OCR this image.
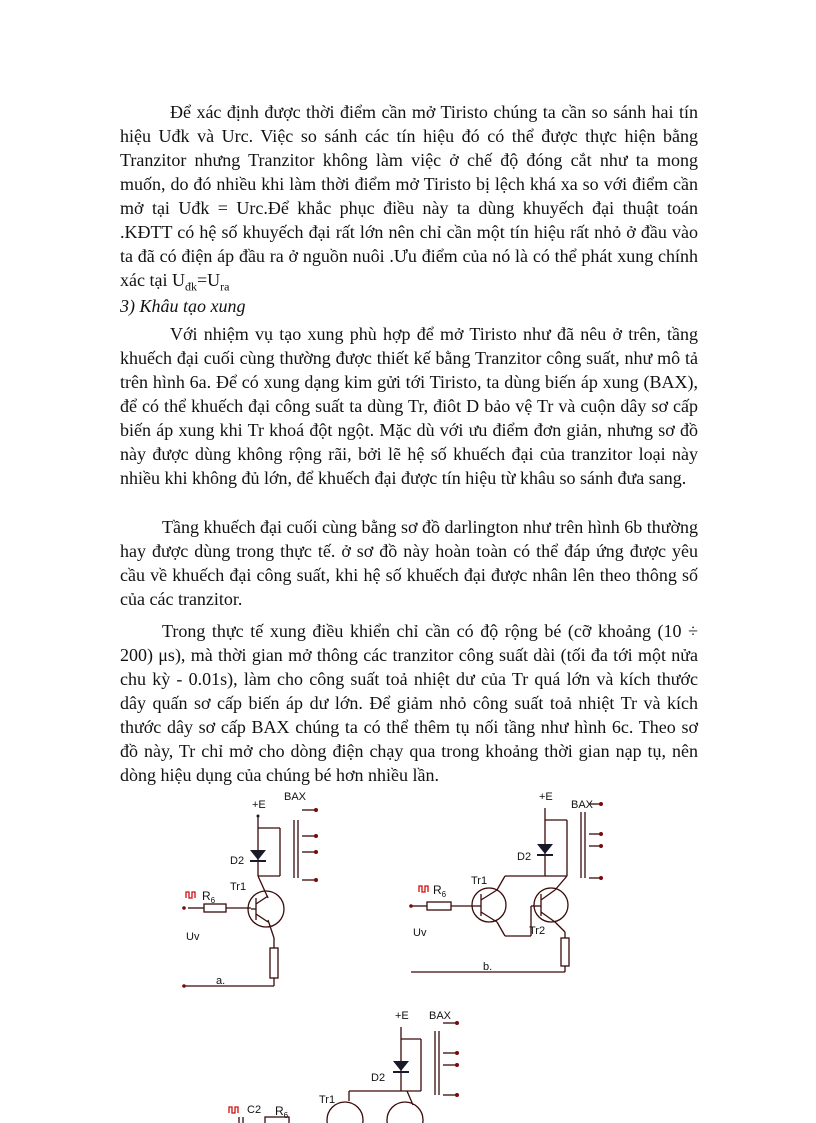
Để xác định được thời điểm cần mở Tiristo chúng ta cần so sánh hai tín hiệu Uđk và Urc. Việc so sánh các tín hiệu đó có thể được thực hiện bằng Tranzitor nhưng Tranzitor không làm việc ở chế độ đóng cắt như ta mong muốn, do đó nhiều khi làm thời điểm mở Tiristo bị lệch khá xa so với điểm cần mở tại Uđk = Urc.Để khắc phục điều này ta dùng khuyếch đại thuật toán .KĐTT có hệ số khuyếch đại rất lớn nên chỉ cần một tín hiệu rất nhỏ ở đầu vào ta đã có điện áp đầu ra ở nguồn nuôi .Ưu điểm của nó là có thể phát xung chính xác tại $U_{đk}=U_{ra}$

3) Khâu tạo xung

Với nhiệm vụ tạo xung phù hợp để mở Tiristo như đã nêu ở trên, tầng khuếch đại cuối cùng thường được thiết kế bằng Tranzitor công suất, như mô tả trên hình 6a. Để có xung dạng kim gửi tới Tiristo, ta dùng biến áp xung (BAX), để có thể khuếch đại công suất ta dùng Tr, điôt D bảo vệ Tr và cuộn dây sơ cấp biến áp xung khi Tr khoá đột ngột. Mặc dù với ưu điểm đơn giản, nhưng sơ đồ này được dùng không rộng rãi, bởi lẽ hệ số khuếch đại của tranzitor loại này nhiều khi không đủ lớn, để khuếch đại được tín hiệu từ khâu so sánh đưa sang.

Tầng khuếch đại cuối cùng bằng sơ đồ darlington như trên hình 6b thường hay được dùng trong thực tế. ở sơ đồ này hoàn toàn có thể đáp ứng được yêu cầu về khuếch đại công suất, khi hệ số khuếch đại được nhân lên theo thông số của các tranzitor.

Trong thực tế xung điều khiển chỉ cần có độ rộng bé (cỡ khoảng (10 ÷ 200) μs), mà thời gian mở thông các tranzitor công suất dài (tối đa tới một nửa chu kỳ - 0.01s), làm cho công suất toả nhiệt dư của Tr quá lớn và kích thước dây quấn sơ cấp biến áp dư lớn. Để giảm nhỏ công suất toả nhiệt Tr và kích thước dây sơ cấp BAX chúng ta có thể thêm tụ nối tầng như hình 6c. Theo sơ đồ này, Tr chỉ mở cho dòng điện chạy qua trong khoảng thời gian nạp tụ, nên dòng hiệu dụng của chúng bé hơn nhiều lần.

+E
BAX
D2
Tr1
$R_6$
Uv
a.
+E
BAX
D2
Tr1
Tr2
$R_6$
Uv
b.
+E BAX
D2
Tr1
C2 $R_6$
